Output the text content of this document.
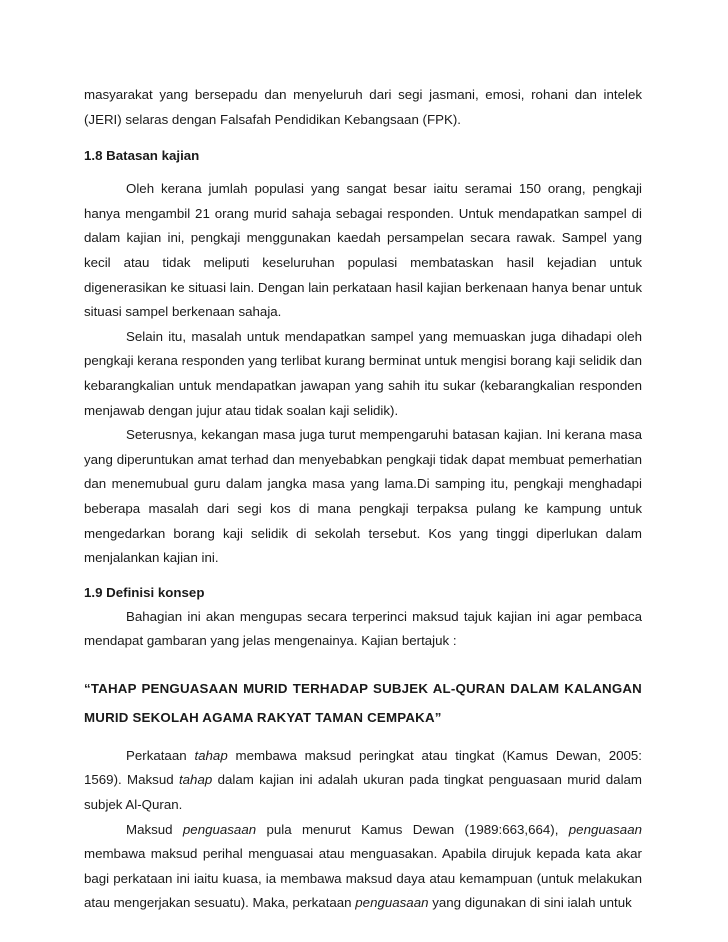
masyarakat yang bersepadu dan menyeluruh dari segi jasmani, emosi, rohani dan intelek (JERI) selaras dengan Falsafah Pendidikan Kebangsaan (FPK).

1.8 Batasan kajian

Oleh kerana jumlah populasi yang sangat besar iaitu seramai 150 orang, pengkaji hanya mengambil 21 orang murid sahaja sebagai responden. Untuk mendapatkan sampel di dalam kajian ini, pengkaji menggunakan kaedah persampelan secara rawak. Sampel yang kecil atau tidak meliputi keseluruhan populasi membataskan hasil kejadian untuk digenerasikan ke situasi lain. Dengan lain perkataan hasil kajian berkenaan hanya benar untuk situasi sampel berkenaan sahaja.

Selain itu, masalah untuk mendapatkan sampel yang memuaskan juga dihadapi oleh pengkaji kerana responden yang terlibat kurang berminat untuk mengisi borang kaji selidik dan kebarangkalian untuk mendapatkan jawapan yang sahih itu sukar (kebarangkalian responden menjawab dengan jujur atau tidak soalan kaji selidik).

Seterusnya, kekangan masa juga turut mempengaruhi batasan kajian. Ini kerana masa yang diperuntukan amat terhad dan menyebabkan pengkaji tidak dapat membuat pemerhatian dan menemubual guru dalam jangka masa yang lama.Di samping itu, pengkaji menghadapi beberapa masalah dari segi kos di mana pengkaji terpaksa pulang ke kampung untuk mengedarkan borang kaji selidik di sekolah tersebut. Kos yang tinggi diperlukan dalam menjalankan kajian ini.

1.9 Definisi konsep

Bahagian ini akan mengupas secara terperinci maksud tajuk kajian ini agar pembaca mendapat gambaran yang jelas mengenainya. Kajian bertajuk :

“TAHAP PENGUASAAN MURID TERHADAP SUBJEK AL-QURAN DALAM KALANGAN MURID SEKOLAH AGAMA RAKYAT TAMAN CEMPAKA”

Perkataan tahap membawa maksud peringkat atau tingkat (Kamus Dewan, 2005: 1569). Maksud tahap dalam kajian ini adalah ukuran pada tingkat penguasaan murid dalam subjek Al-Quran.

Maksud penguasaan pula menurut Kamus Dewan (1989:663,664), penguasaan membawa maksud perihal menguasai atau menguasakan. Apabila dirujuk kepada kata akar bagi perkataan ini iaitu kuasa, ia membawa maksud daya atau kemampuan (untuk melakukan atau mengerjakan sesuatu). Maka, perkataan penguasaan yang digunakan di sini ialah untuk
